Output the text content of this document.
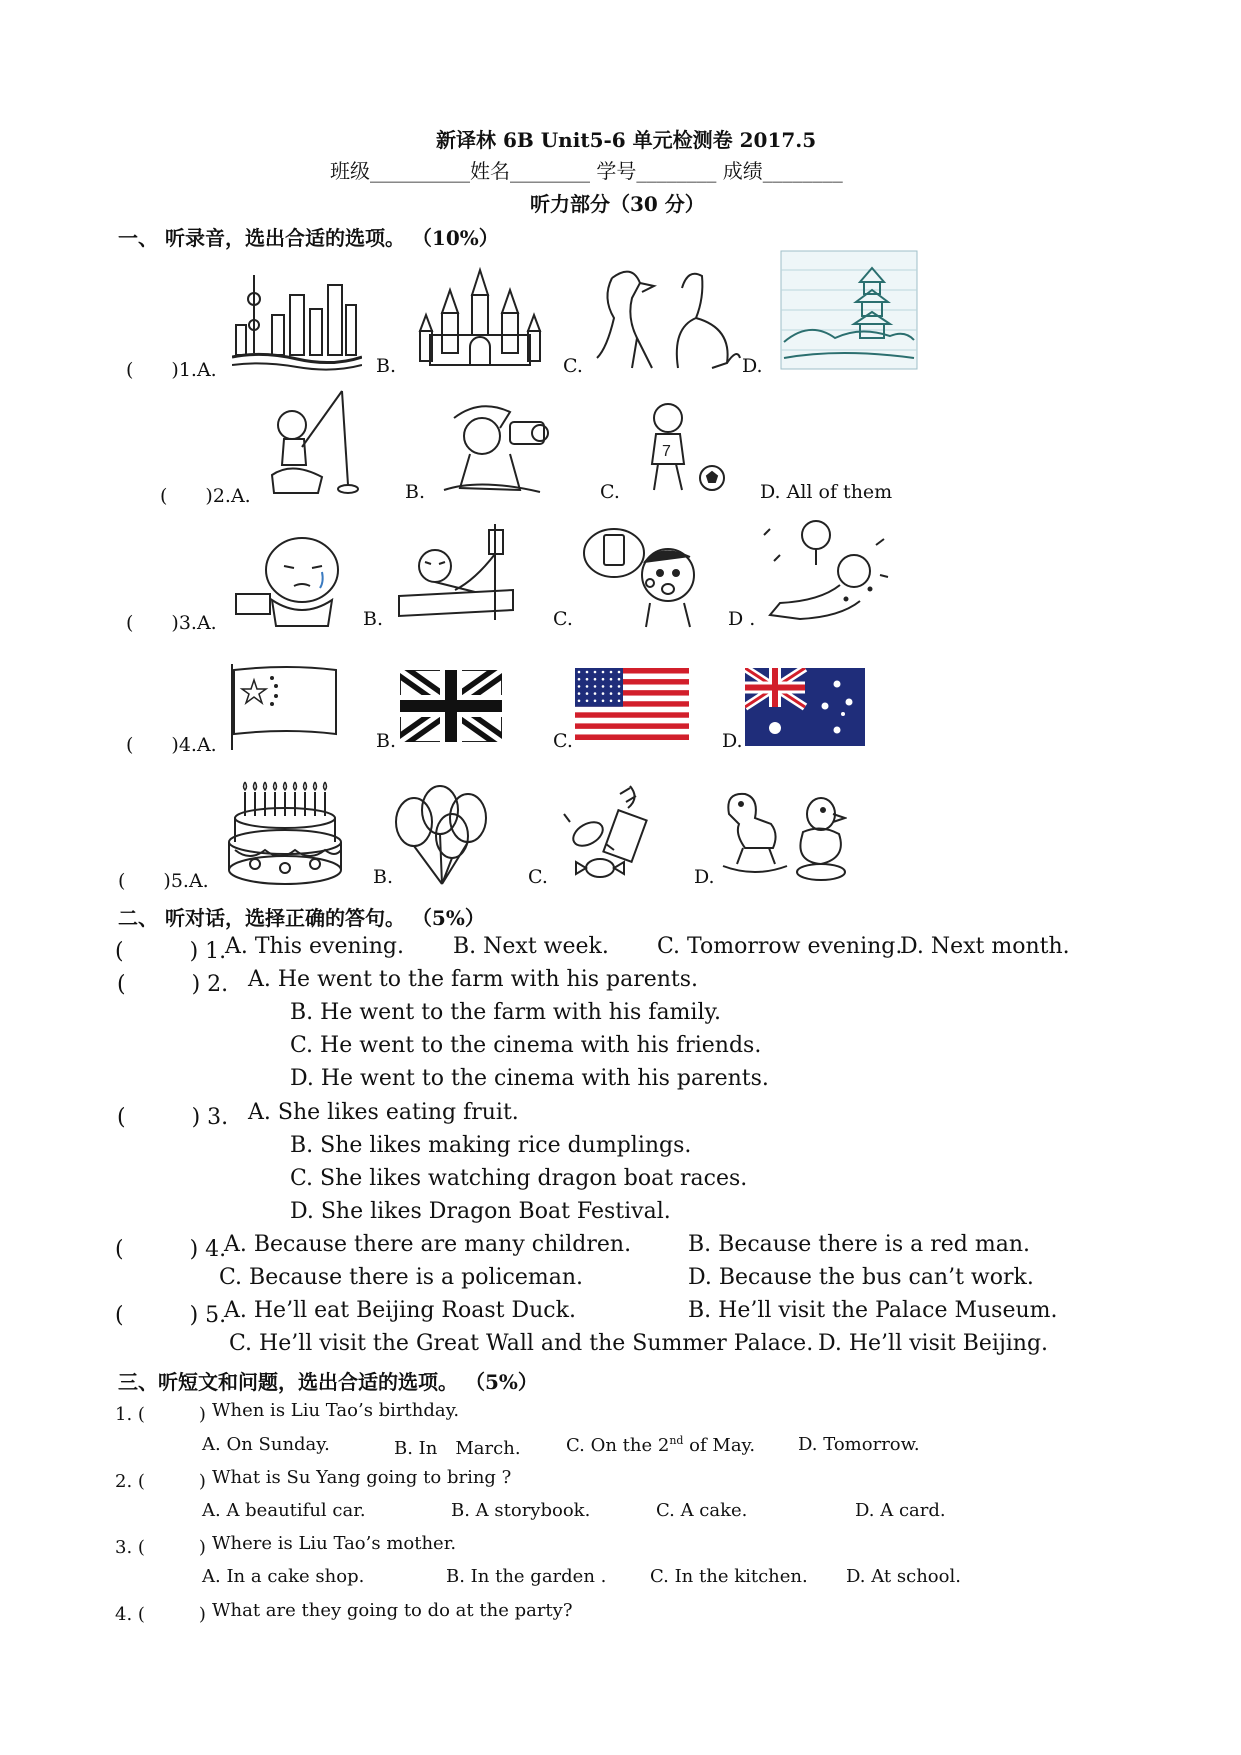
新译林 6B Unit5-6 单元检测卷 2017.5
班级__________姓名________ 学号________ 成绩________
听力部分（30 分）
一、 听录音，选出合适的选项。 （10%）
(　　)1.A.	B.	C.	D.
(　　)2.A.	B.	C.	D. All of them
7
(　　)3.A.	B.	C.	D .
(　　)4.A.	B.	C.	D.
(　　)5.A.	B.	C.	D.
二、 听对话，选择正确的答句。 （5%）
(　　　) 1.
A. This evening. B. Next week. C. Tomorrow evening.
D. Next month.
(　　　) 2. A. He went to the farm with his parents.
B. He went to the farm with his family.
C. He went to the cinema with his friends.
D. He went to the cinema with his parents.
(　　　) 3. A. She likes eating fruit.
B. She likes making rice dumplings.
C. She likes watching dragon boat races.
D. She likes Dragon Boat Festival.
(　　　) 4.
A. Because there are many children.	B. Because there is a red man.
C. Because there is a policeman.	D. Because the bus can’t work.
(　　　) 5.
A. He’ll eat Beijing Roast Duck.	B. He’ll visit the Palace Museum.
C. He’ll visit the Great Wall and the Summer Palace. D. He’ll visit Beijing.
三、听短文和问题，选出合适的选项。 （5%）
1. (　　　) When is Liu Tao’s birthday.
A. On Sunday.	B. In　March.	C. On the 2nd of May. D. Tomorrow.
2. (　　　) What is Su Yang going to bring ?
A. A beautiful car.	B. A storybook.	C. A cake.	D. A card.
3. (　　　) Where is Liu Tao’s mother.
A. In a cake shop.	B. In the garden . C. In the kitchen. D. At school.
4. (　　　) What are they going to do at the party?
